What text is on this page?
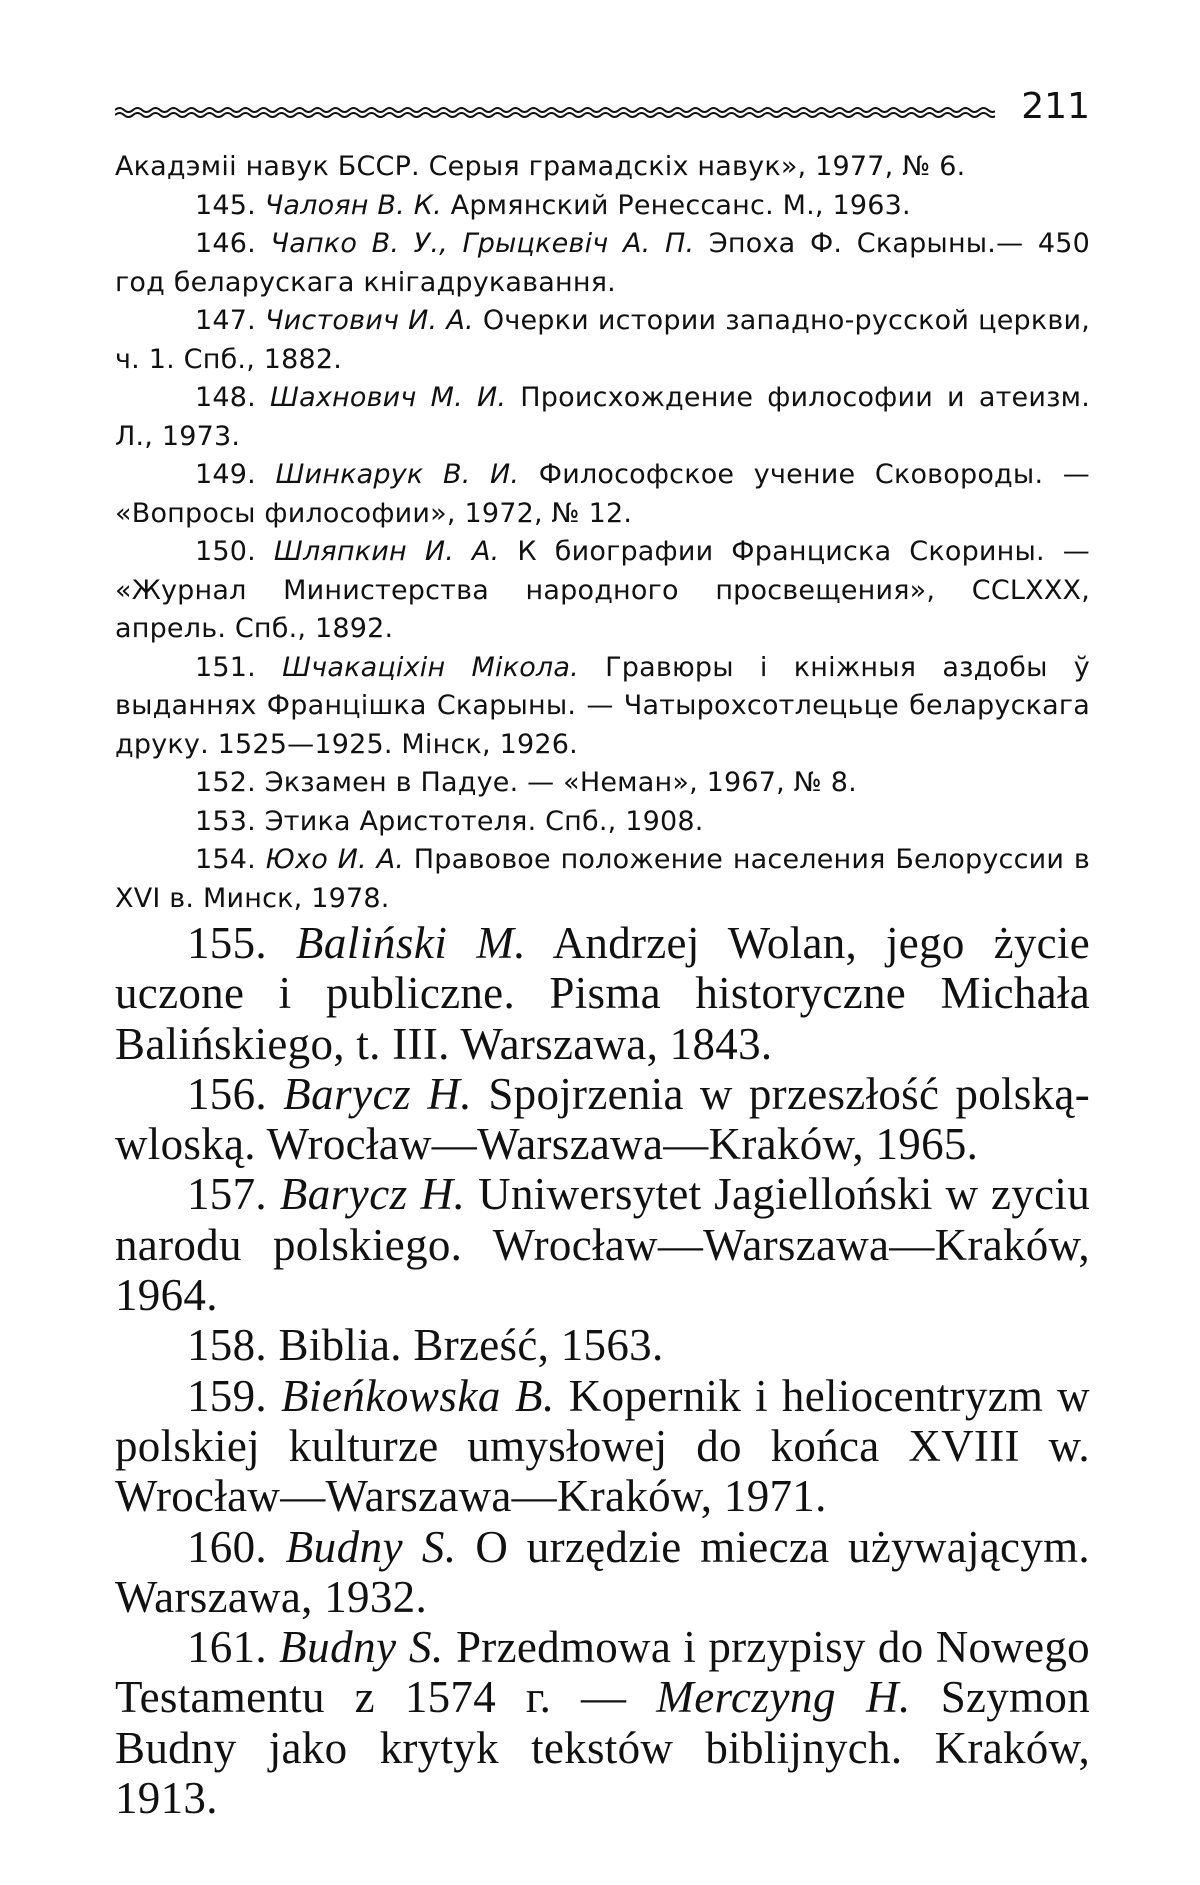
211

Акадэміі навук БССР. Серыя грамадскіх навук», 1977, № 6.

145. Чалоян В. К. Армянский Ренессанс. М., 1963.

146. Чапко В. У., Грыцкевіч А. П. Эпоха Ф. Скарыны.— 450 год беларускага кнігадрукавання.

147. Чистович И. А. Очерки истории западно-русской церкви, ч. 1. Спб., 1882.

148. Шахнович М. И. Происхождение философии и атеизм. Л., 1973.

149. Шинкарук В. И. Философское учение Сковороды. — «Вопросы философии», 1972, № 12.

150. Шляпкин И. А. К биографии Франциска Скорины. — «Журнал Министерства народного просвещения», CCLXXX, апрель. Спб., 1892.

151. Шчакаціхін Мікола. Гравюры і кніжныя аздобы ў выданнях Францішка Скарыны. — Чатырохсотлецьце беларускага друку. 1525—1925. Мінск, 1926.

152. Экзамен в Падуе. — «Неман», 1967, № 8.

153. Этика Аристотеля. Спб., 1908.

154. Юхо И. А. Правовое положение населения Белоруссии в XVI в. Минск, 1978.

155. Baliński M. Andrzej Wolan, jego życie uczone i publiczne. Pisma historyczne Michała Balińskiego, t. III. Warszawa, 1843.

156. Barycz H. Spojrzenia w przeszłość polską-wloską. Wrocław—Warszawa—Kraków, 1965.

157. Barycz H. Uniwersytet Jagielloński w zyciu narodu polskiego. Wrocław—Warszawa—Kraków, 1964.

158. Biblia. Brześć, 1563.

159. Bieńkowska B. Kopernik i heliocentryzm w polskiej kulturze umysłowej do końca XVIII w. Wrocław—Warszawa—Kraków, 1971.

160. Budny S. O urzędzie miecza używającym. Warszawa, 1932.

161. Budny S. Przedmowa i przypisy do Nowego Testamentu z 1574 г. — Merczyng H. Szymon Budny jako krytyk tekstów biblijnych. Kraków, 1913.
